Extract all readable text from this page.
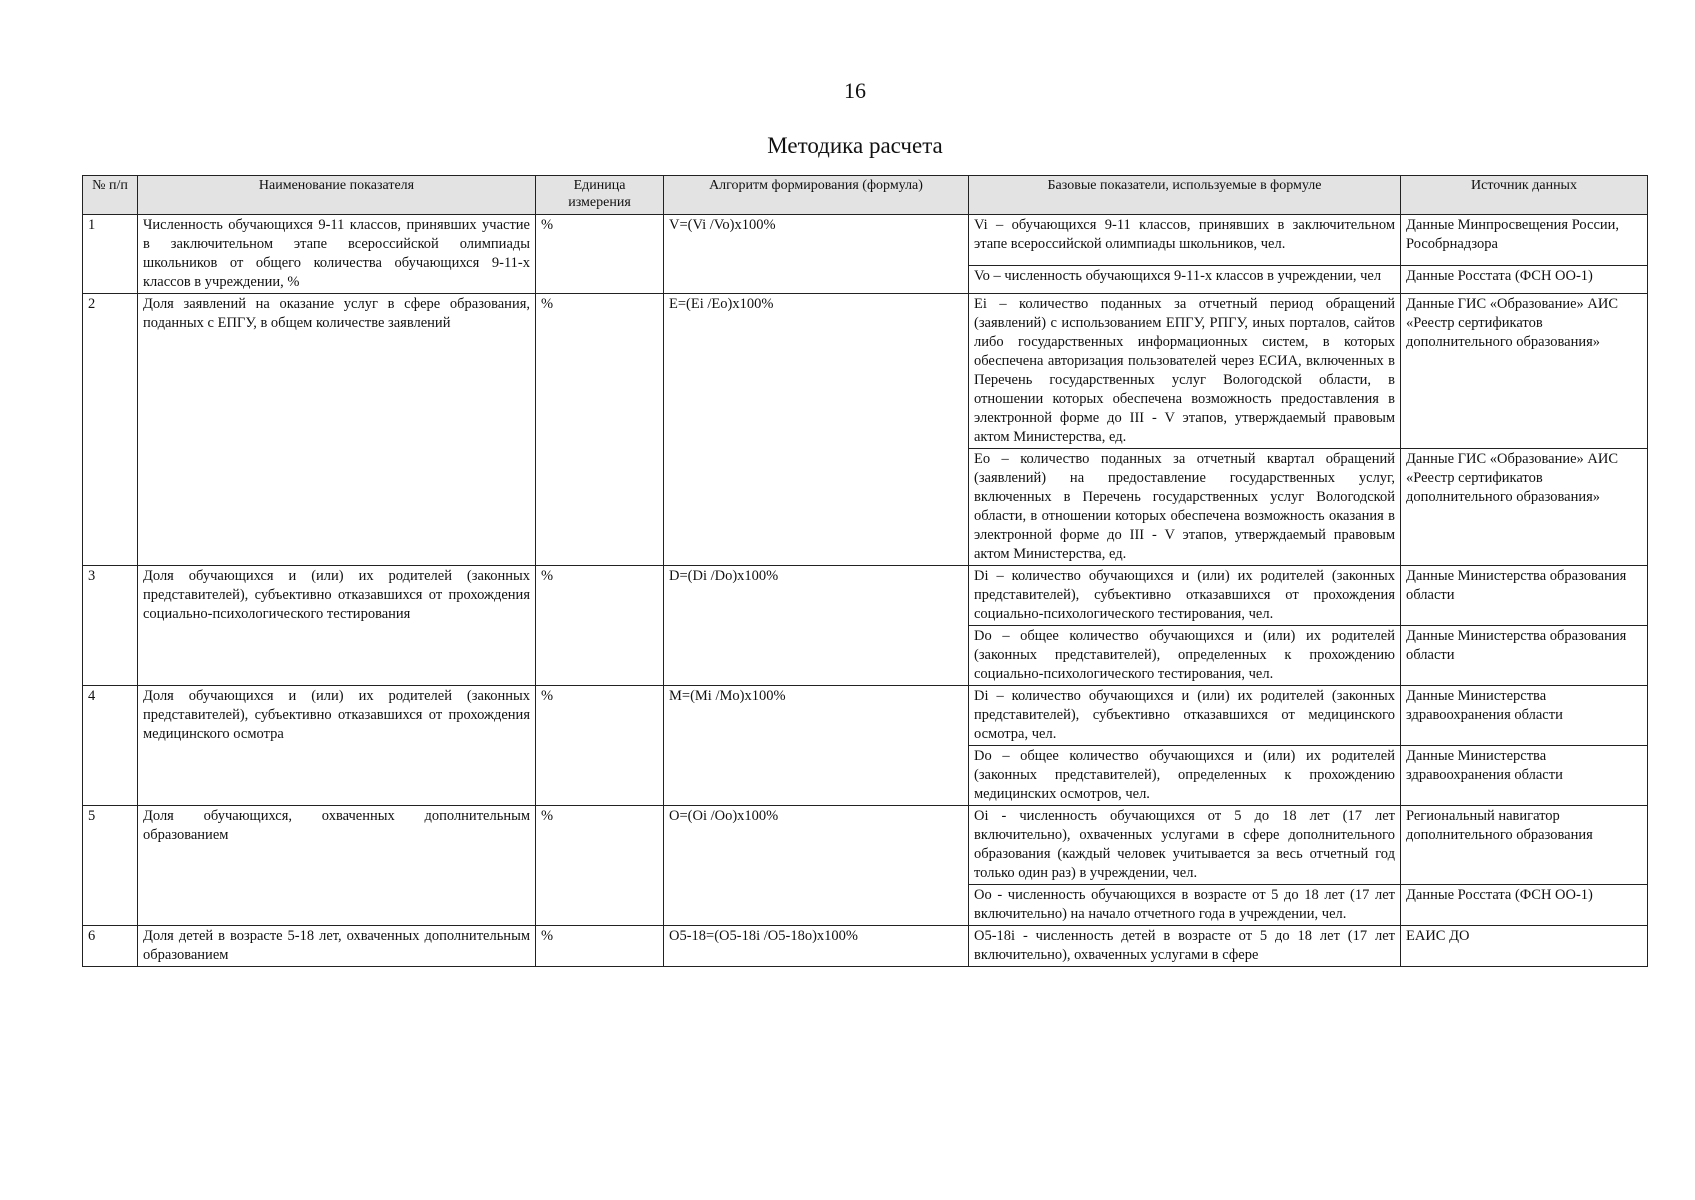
16
Методика расчета
№ п/п	Наименование показателя	Единица измерения	Алгоритм формирования (формула)	Базовые показатели, используемые в формуле	Источник данных
1	Численность обучающихся 9-11 классов, принявших участие в заключительном этапе всероссийской олимпиады школьников от общего количества обучающихся 9-11-х классов в учреждении, %	%	V=(Vi /Vo)x100%	Vi – обучающихся 9-11 классов, принявших в заключительном этапе всероссийской олимпиады школьников, чел.	Данные Минпросвещения России, Рособрнадзора
				Vo – численность обучающихся 9-11-х классов в учреждении, чел	Данные Росстата (ФСН ОО-1)
2	Доля заявлений на оказание услуг в сфере образования, поданных с ЕПГУ, в общем количестве заявлений	%	E=(Ei /Eo)x100%	Ei – количество поданных за отчетный период обращений (заявлений) с использованием ЕПГУ, РПГУ, иных порталов, сайтов либо государственных информационных систем, в которых обеспечена авторизация пользователей через ЕСИА, включенных в Перечень государственных услуг Вологодской области, в отношении которых обеспечена возможность предоставления в электронной форме до III - V этапов, утверждаемый правовым актом Министерства, ед.	Данные ГИС «Образование» АИС «Реестр сертификатов дополнительного образования»
				Eo – количество поданных за отчетный квартал обращений (заявлений) на предоставление государственных услуг, включенных в Перечень государственных услуг Вологодской области, в отношении которых обеспечена возможность оказания в электронной форме до III - V этапов, утверждаемый правовым актом Министерства, ед.	Данные ГИС «Образование» АИС «Реестр сертификатов дополнительного образования»
3	Доля обучающихся и (или) их родителей (законных представителей), субъективно отказавшихся от прохождения социально-психологического тестирования	%	D=(Di /Do)x100%	Di – количество обучающихся и (или) их родителей (законных представителей), субъективно отказавшихся от прохождения социально-психологического тестирования, чел.	Данные Министерства образования области
				Do – общее количество обучающихся и (или) их родителей (законных представителей), определенных к прохождению социально-психологического тестирования, чел.	Данные Министерства образования области
4	Доля обучающихся и (или) их родителей (законных представителей), субъективно отказавшихся от прохождения медицинского осмотра	%	M=(Mi /Mo)x100%	Di – количество обучающихся и (или) их родителей (законных представителей), субъективно отказавшихся от медицинского осмотра, чел.	Данные Министерства здравоохранения области
				Do – общее количество обучающихся и (или) их родителей (законных представителей), определенных к прохождению медицинских осмотров, чел.	Данные Министерства здравоохранения области
5	Доля обучающихся, охваченных дополнительным образованием	%	O=(Oi /Oo)x100%	Oi - численность обучающихся от 5 до 18 лет (17 лет включительно), охваченных услугами в сфере дополнительного образования (каждый человек учитывается за весь отчетный год только один раз) в учреждении, чел.	Региональный навигатор дополнительного образования
				Oo - численность обучающихся в возрасте от 5 до 18 лет (17 лет включительно) на начало отчетного года в учреждении, чел.	Данные Росстата (ФСН ОО-1)
6	Доля детей в возрасте 5-18 лет, охваченных дополнительным образованием	%	O5-18=(O5-18i /O5-18o)x100%	O5-18i - численность детей в возрасте от 5 до 18 лет (17 лет включительно), охваченных услугами в сфере	ЕАИС ДО
